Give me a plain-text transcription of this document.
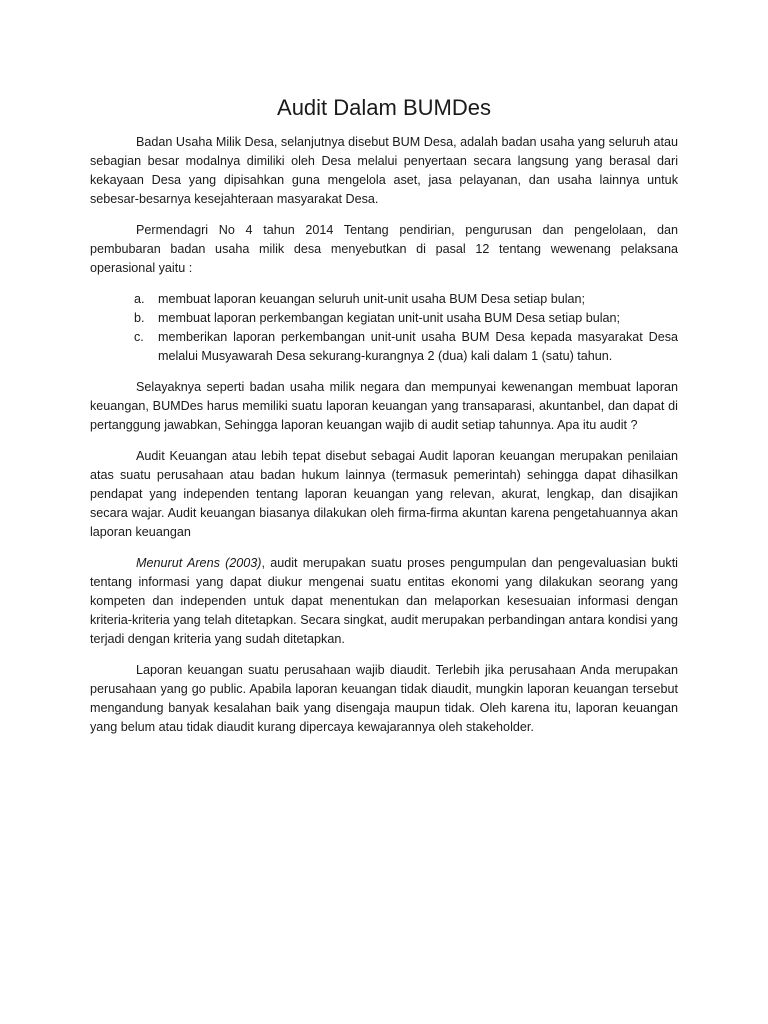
Audit Dalam BUMDes

Badan Usaha Milik Desa, selanjutnya disebut BUM Desa, adalah badan usaha yang seluruh atau sebagian besar modalnya dimiliki oleh Desa melalui penyertaan secara langsung yang berasal dari kekayaan Desa yang dipisahkan guna mengelola aset, jasa pelayanan, dan usaha lainnya untuk sebesar-besarnya kesejahteraan masyarakat Desa.

Permendagri No 4 tahun 2014 Tentang pendirian, pengurusan dan pengelolaan, dan pembubaran badan usaha milik desa menyebutkan di pasal 12 tentang wewenang pelaksana operasional yaitu :

a. membuat laporan keuangan seluruh unit-unit usaha BUM Desa setiap bulan;
b. membuat laporan perkembangan kegiatan unit-unit usaha BUM Desa setiap bulan;
c. memberikan laporan perkembangan unit-unit usaha BUM Desa kepada masyarakat Desa melalui Musyawarah Desa sekurang-kurangnya 2 (dua) kali dalam 1 (satu) tahun.

Selayaknya seperti badan usaha milik negara dan mempunyai kewenangan membuat laporan keuangan, BUMDes harus memiliki suatu laporan keuangan yang transaparasi, akuntanbel, dan dapat di pertanggung jawabkan, Sehingga laporan keuangan wajib di audit setiap tahunnya. Apa itu audit ?

Audit Keuangan atau lebih tepat disebut sebagai Audit laporan keuangan merupakan penilaian atas suatu perusahaan atau badan hukum lainnya (termasuk pemerintah) sehingga dapat dihasilkan pendapat yang independen tentang laporan keuangan yang relevan, akurat, lengkap, dan disajikan secara wajar. Audit keuangan biasanya dilakukan oleh firma-firma akuntan karena pengetahuannya akan laporan keuangan

Menurut Arens (2003), audit merupakan suatu proses pengumpulan dan pengevaluasian bukti tentang informasi yang dapat diukur mengenai suatu entitas ekonomi yang dilakukan seorang yang kompeten dan independen untuk dapat menentukan dan melaporkan kesesuaian informasi dengan kriteria-kriteria yang telah ditetapkan. Secara singkat, audit merupakan perbandingan antara kondisi yang terjadi dengan kriteria yang sudah ditetapkan.

Laporan keuangan suatu perusahaan wajib diaudit. Terlebih jika perusahaan Anda merupakan perusahaan yang go public. Apabila laporan keuangan tidak diaudit, mungkin laporan keuangan tersebut mengandung banyak kesalahan baik yang disengaja maupun tidak. Oleh karena itu, laporan keuangan yang belum atau tidak diaudit kurang dipercaya kewajarannya oleh stakeholder.
